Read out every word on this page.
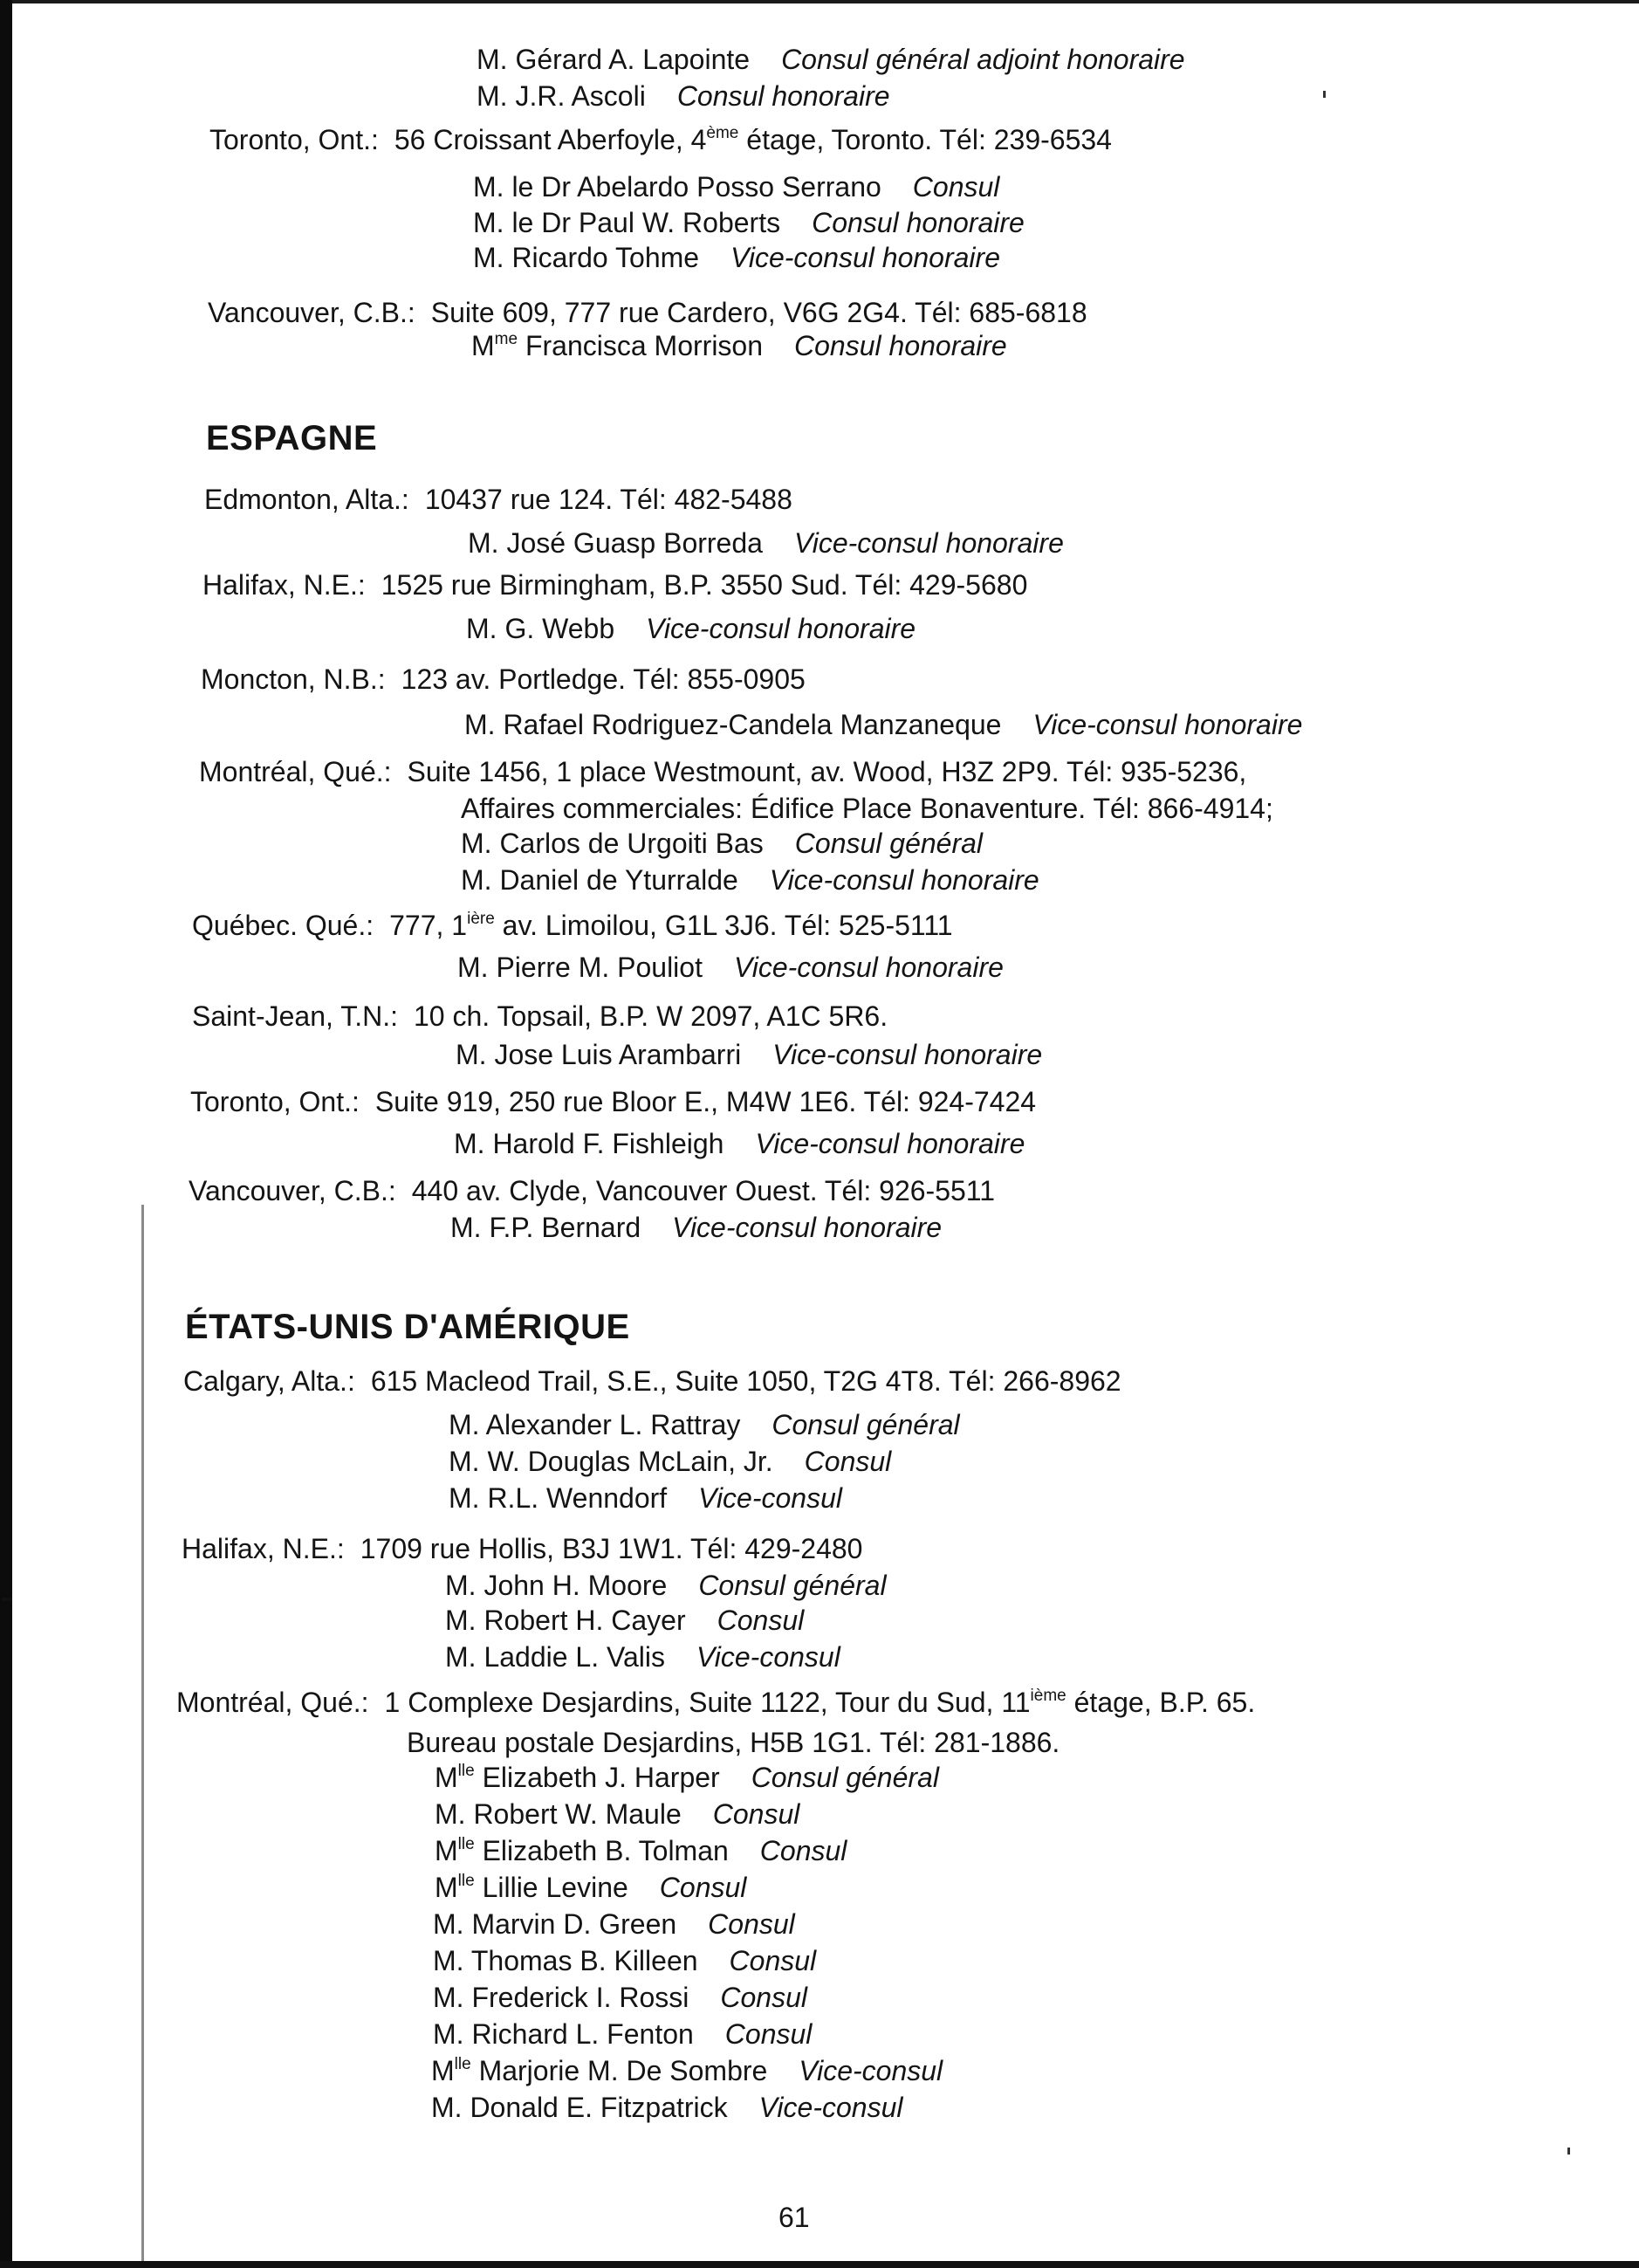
M. Gérard A. Lapointe Consul général adjoint honoraire
M. J.R. Ascoli Consul honoraire
Toronto, Ont.: 56 Croissant Aberfoyle, 4ème étage, Toronto. Tél: 239-6534
M. le Dr Abelardo Posso Serrano Consul
M. le Dr Paul W. Roberts Consul honoraire
M. Ricardo Tohme Vice-consul honoraire
Vancouver, C.B.: Suite 609, 777 rue Cardero, V6G 2G4. Tél: 685-6818
$M^{me}$ Francisca Morrison Consul honoraire
ESPAGNE
Edmonton, Alta.: 10437 rue 124. Tél: 482-5488
M. José Guasp Borreda Vice-consul honoraire
Halifax, N.E.: 1525 rue Birmingham, B.P. 3550 Sud. Tél: 429-5680
M. G. Webb Vice-consul honoraire
Moncton, N.B.: 123 av. Portledge. Tél: 855-0905
M. Rafael Rodriguez-Candela Manzaneque Vice-consul honoraire
Montréal, Qué.: Suite 1456, 1 place Westmount, av. Wood, H3Z 2P9. Tél: 935-5236,
Affaires commerciales: Édifice Place Bonaventure. Tél: 866-4914;
M. Carlos de Urgoiti Bas Consul général
M. Daniel de Yturralde Vice-consul honoraire
Québec. Qué.: 777, $1^{ière}$ av. Limoilou, G1L 3J6. Tél: 525-5111
M. Pierre M. Pouliot Vice-consul honoraire
Saint-Jean, T.N.: 10 ch. Topsail, B.P. W 2097, A1C 5R6.
M. Jose Luis Arambarri Vice-consul honoraire
Toronto, Ont.: Suite 919, 250 rue Bloor E., M4W 1E6. Tél: 924-7424
M. Harold F. Fishleigh Vice-consul honoraire
Vancouver, C.B.: 440 av. Clyde, Vancouver Ouest. Tél: 926-5511
M. F.P. Bernard Vice-consul honoraire
ÉTATS-UNIS D'AMÉRIQUE
Calgary, Alta.: 615 Macleod Trail, S.E., Suite 1050, T2G 4T8. Tél: 266-8962
M. Alexander L. Rattray Consul général
M. W. Douglas McLain, Jr. Consul
M. R.L. Wenndorf Vice-consul
Halifax, N.E.: 1709 rue Hollis, B3J 1W1. Tél: 429-2480
M. John H. Moore Consul général
M. Robert H. Cayer Consul
M. Laddie L. Valis Vice-consul
Montréal, Qué.: 1 Complexe Desjardins, Suite 1122, Tour du Sud, 11ième étage, B.P. 65.
Bureau postale Desjardins, H5B 1G1. Tél: 281-1886.
$M^{lle}$ Elizabeth J. Harper Consul général
M. Robert W. Maule Consul
$M^{lle}$ Elizabeth B. Tolman Consul
$M^{lle}$ Lillie Levine Consul
M. Marvin D. Green Consul
M. Thomas B. Killeen Consul
M. Frederick I. Rossi Consul
M. Richard L. Fenton Consul
$M^{lle}$ Marjorie M. De Sombre Vice-consul
M. Donald E. Fitzpatrick Vice-consul
61
